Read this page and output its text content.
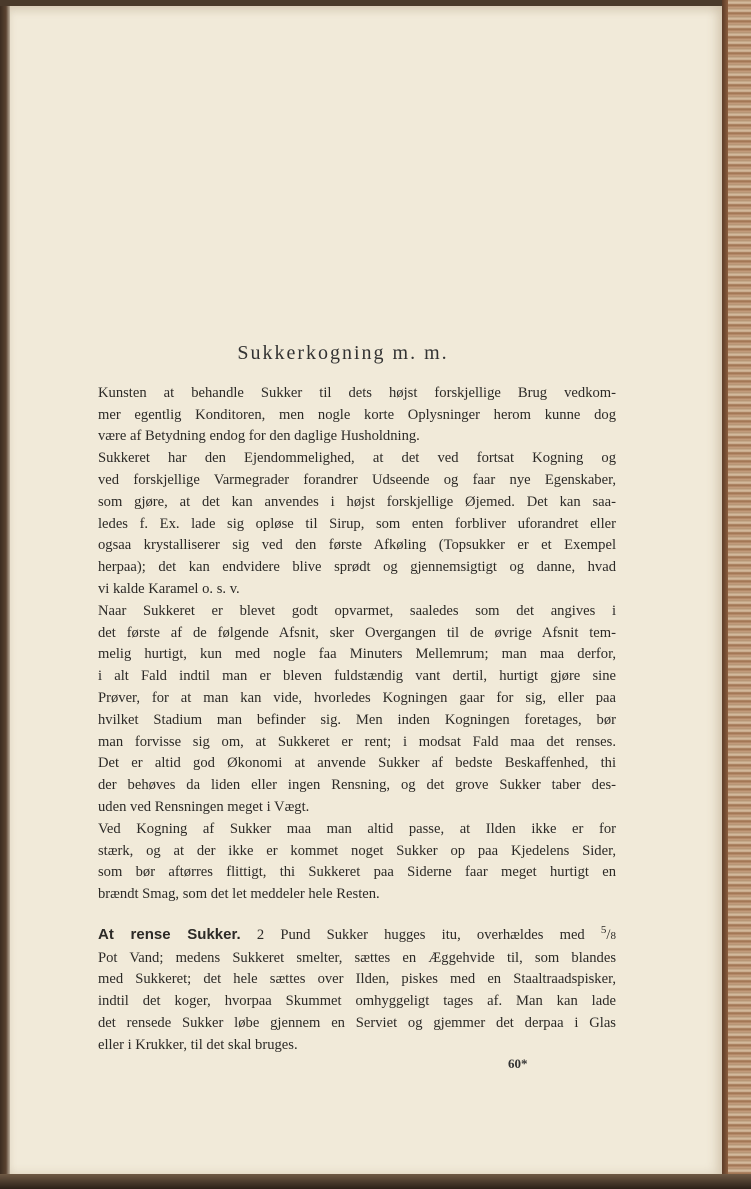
Sukkerkogning m. m.

Kunsten at behandle Sukker til dets højst forskjellige Brug vedkom-
mer egentlig Konditoren, men nogle korte Oplysninger herom kunne dog
være af Betydning endog for den daglige Husholdning.

Sukkeret har den Ejendommelighed, at det ved fortsat Kogning og
ved forskjellige Varmegrader forandrer Udseende og faar nye Egenskaber,
som gjøre, at det kan anvendes i højst forskjellige Øjemed. Det kan saa-
ledes f. Ex. lade sig opløse til Sirup, som enten forbliver uforandret eller
ogsaa krystalliserer sig ved den første Afkøling (Topsukker er et Exempel
herpaa); det kan endvidere blive sprødt og gjennemsigtigt og danne, hvad
vi kalde Karamel o. s. v.

Naar Sukkeret er blevet godt opvarmet, saaledes som det angives i
det første af de følgende Afsnit, sker Overgangen til de øvrige Afsnit tem-
melig hurtigt, kun med nogle faa Minuters Mellemrum; man maa derfor,
i alt Fald indtil man er bleven fuldstændig vant dertil, hurtigt gjøre sine
Prøver, for at man kan vide, hvorledes Kogningen gaar for sig, eller paa
hvilket Stadium man befinder sig. Men inden Kogningen foretages, bør
man forvisse sig om, at Sukkeret er rent; i modsat Fald maa det renses.
Det er altid god Økonomi at anvende Sukker af bedste Beskaffenhed, thi
der behøves da liden eller ingen Rensning, og det grove Sukker taber des-
uden ved Rensningen meget i Vægt.

Ved Kogning af Sukker maa man altid passe, at Ilden ikke er for
stærk, og at der ikke er kommet noget Sukker op paa Kjedelens Sider,
som bør aftørres flittigt, thi Sukkeret paa Siderne faar meget hurtigt en
brændt Smag, som det let meddeler hele Resten.

At rense Sukker. 2 Pund Sukker hugges itu, overhældes med $^5$/8
Pot Vand; medens Sukkeret smelter, sættes en Æggehvide til, som blandes
med Sukkeret; det hele sættes over Ilden, piskes med en Staaltraadspisker,
indtil det koger, hvorpaa Skummet omhyggeligt tages af. Man kan lade
det rensede Sukker løbe gjennem en Serviet og gjemmer det derpaa i Glas
eller i Krukker, til det skal bruges.

60*
